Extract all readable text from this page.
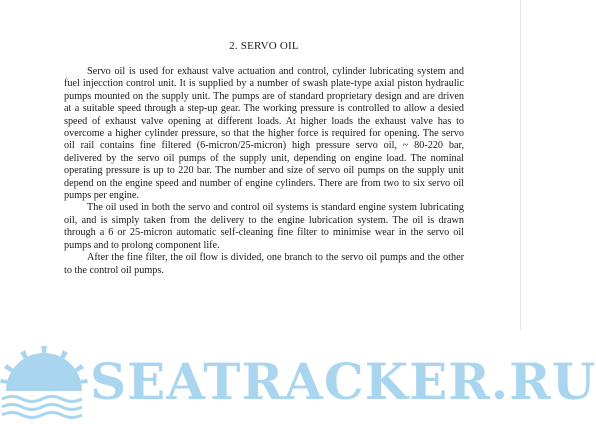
2. SERVO OIL

Servo oil is used for exhaust valve actuation and control, cylinder lubricating system and fuel injecction control unit. It is supplied by a number of swash plate-type axial piston hydraulic pumps mounted on the supply unit. The pumps are of standard proprietary design and are driven at a suitable speed through a step-up gear. The working pressure is controlled to allow a desied speed of exhaust valve opening at different loads. At higher loads the exhaust valve has to overcome a higher cylinder pressure, so that the higher force is required for opening. The servo oil rail contains fine filtered (6-micron/25-micron) high pressure servo oil, ~ 80-220 bar, delivered by the servo oil pumps of the supply unit, depending on engine load. The nominal operating pressure is up to 220 bar. The number and size of servo oil pumps on the supply unit depend on the engine speed and number of engine cylinders. There are from two to six servo oil pumps per engine.

The oil used in both the servo and control oil systems is standard engine system lubricating oil, and is simply taken from the delivery to the engine lubrication system. The oil is drawn through a 6 or 25-micron automatic self-cleaning fine filter to minimise wear in the servo oil pumps and to prolong component life.

After the fine filter, the oil flow is divided, one branch to the servo oil pumps and the other to the control oil pumps.

SEATRACKER.RU
